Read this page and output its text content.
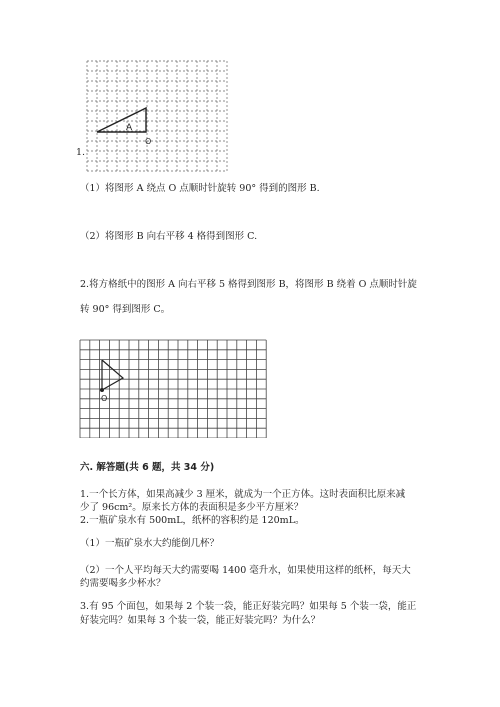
1.
A
O
（1）将图形 A 绕点 O 点顺时针旋转 90° 得到的图形 B.
（2）将图形 B 向右平移 4 格得到图形 C.
2.将方格纸中的图形 A 向右平移 5 格得到图形 B，将图形 B 绕着 O 点顺时针旋
转 90° 得到图形 C。
O
六. 解答题(共 6 题，共 34 分)
1.一个长方体，如果高减少 3 厘米，就成为一个正方体。这时表面积比原来减
少了 96cm²。原来长方体的表面积是多少平方厘米？
2.一瓶矿泉水有 500mL，纸杯的容积约是 120mL。
（1）一瓶矿泉水大约能倒几杯？
（2）一个人平均每天大约需要喝 1400 毫升水，如果使用这样的纸杯，每天大
约需要喝多少杯水？
3.有 95 个面包，如果每 2 个装一袋，能正好装完吗？如果每 5 个装一袋，能正
好装完吗？如果每 3 个装一袋，能正好装完吗？为什么？
